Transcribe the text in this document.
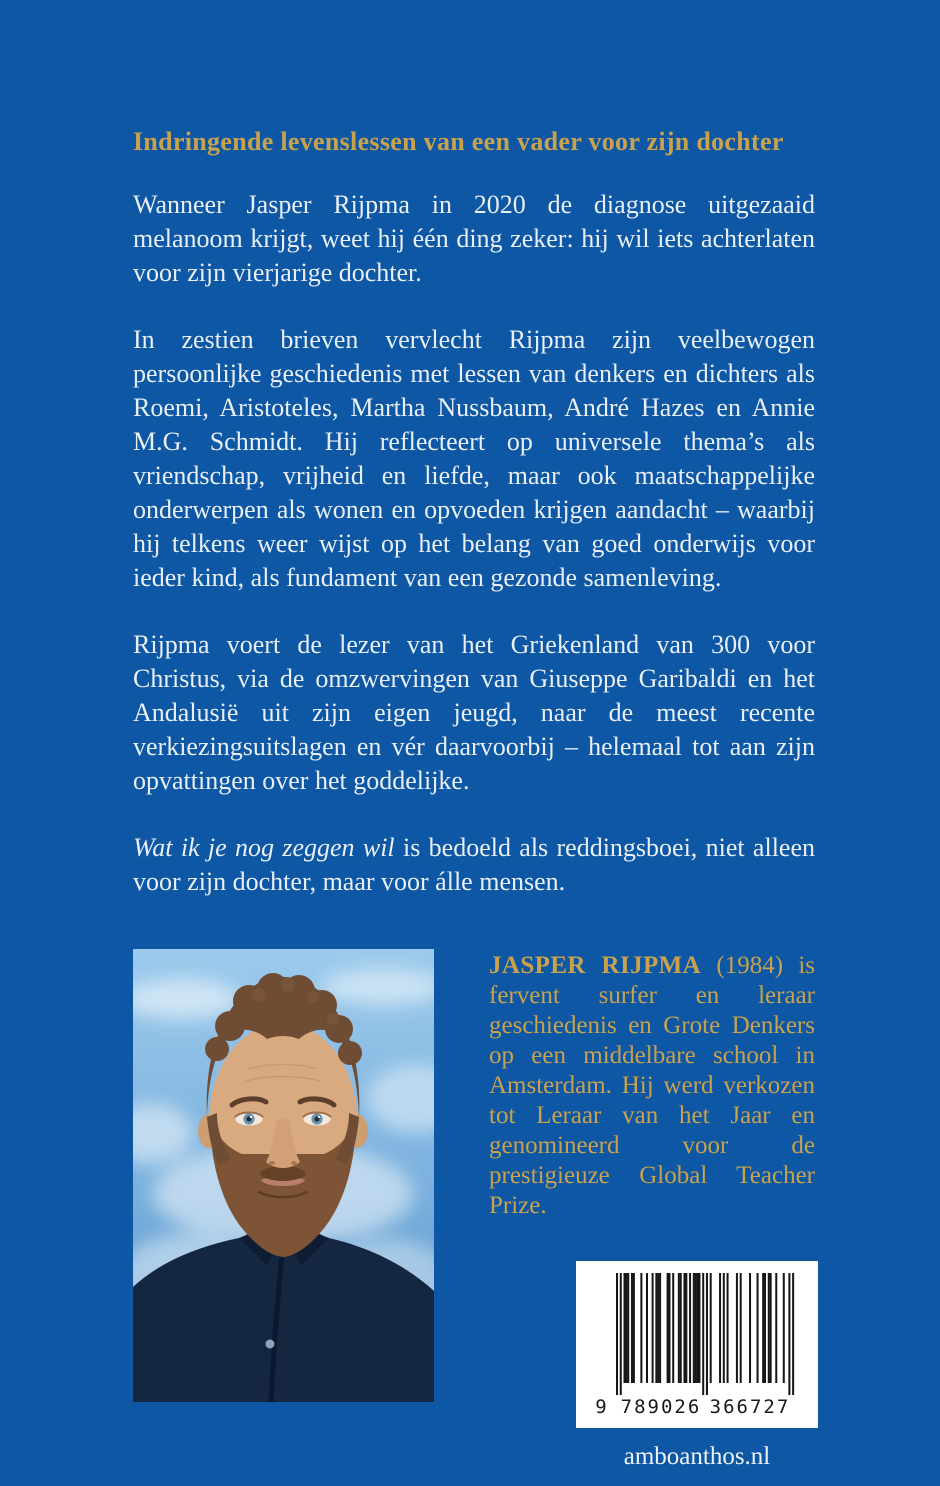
Indringende levenslessen van een vader voor zijn dochter

Wanneer Jasper Rijpma in 2020 de diagnose uitgezaaid melanoom krijgt, weet hij één ding zeker: hij wil iets achterlaten voor zijn vierjarige dochter.

In zestien brieven vervlecht Rijpma zijn veelbewogen persoonlijke geschiedenis met lessen van denkers en dichters als Roemi, Aristoteles, Martha Nussbaum, André Hazes en Annie M.G. Schmidt. Hij reflecteert op universele thema’s als vriendschap, vrijheid en liefde, maar ook maatschappelijke onderwerpen als wonen en opvoeden krijgen aandacht – waarbij hij telkens weer wijst op het belang van goed onderwijs voor ieder kind, als fundament van een gezonde samenleving.

Rijpma voert de lezer van het Griekenland van 300 voor Christus, via de omzwervingen van Giuseppe Garibaldi en het Andalusië uit zijn eigen jeugd, naar de meest recente verkiezingsuitslagen en vér daarvoorbij – helemaal tot aan zijn opvattingen over het goddelijke.

Wat ik je nog zeggen wil is bedoeld als reddingsboei, niet alleen voor zijn dochter, maar voor álle mensen.

JASPER RIJPMA (1984) is fervent surfer en leraar geschiedenis en Grote Denkers op een middelbare school in Amsterdam. Hij werd verkozen tot Leraar van het Jaar en genomineerd voor de prestigieuze Global Teacher Prize.

9 789026 366727

amboanthos.nl
